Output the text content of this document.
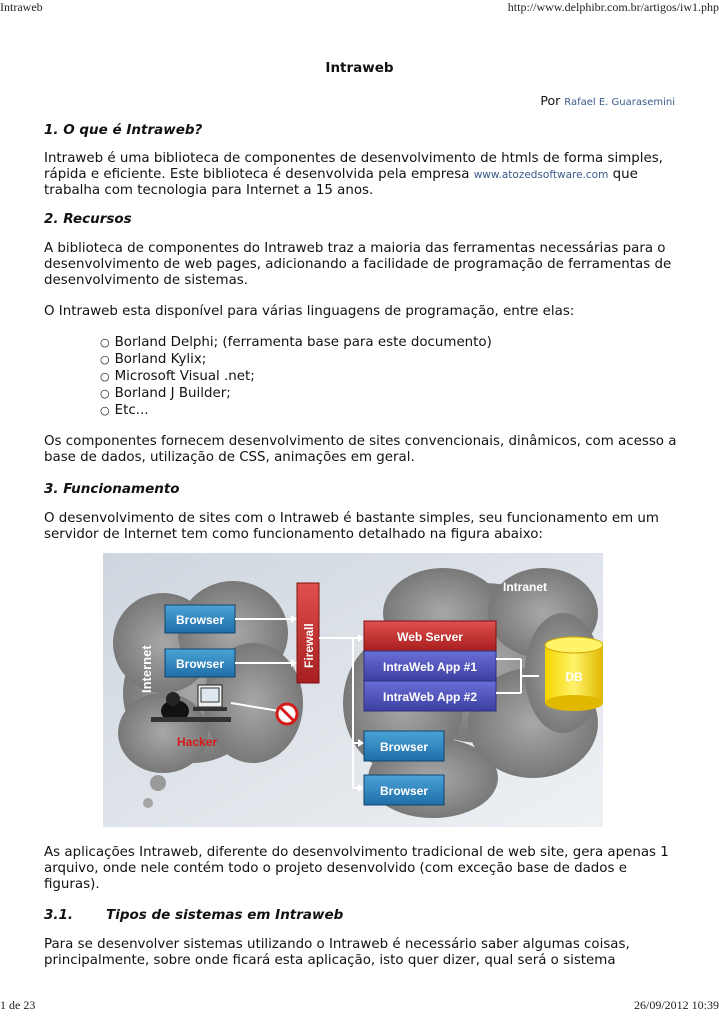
Intraweb	http://www.delphibr.com.br/artigos/iw1.php
1 de 23	26/09/2012 10:39
Intraweb
Por Rafael E. Guarasemini
1. O que é Intraweb?
Intraweb é uma biblioteca de componentes de desenvolvimento de htmls de forma simples,
rápida e eficiente. Este biblioteca é desenvolvida pela empresa www.atozedsoftware.com que
trabalha com tecnologia para Internet a 15 anos.
2. Recursos
A biblioteca de componentes do Intraweb traz a maioria das ferramentas necessárias para o
desenvolvimento de web pages, adicionando a facilidade de programação de ferramentas de
desenvolvimento de sistemas.
O Intraweb esta disponível para várias linguagens de programação, entre elas:
○ Borland Delphi; (ferramenta base para este documento)
○ Borland Kylix;
○ Microsoft Visual .net;
○ Borland J Builder;
○ Etc...
Os componentes fornecem desenvolvimento de sites convencionais, dinâmicos, com acesso a
base de dados, utilização de CSS, animações em geral.
3. Funcionamento
O desenvolvimento de sites com o Intraweb é bastante simples, seu funcionamento em um
servidor de Internet tem como funcionamento detalhado na figura abaixo:
Internet
Intranet
Firewall
Browser
Browser
Hacker
Web Server
IntraWeb App #1
IntraWeb App #2
DB
Browser
Browser
As aplicações Intraweb, diferente do desenvolvimento tradicional de web site, gera apenas 1
arquivo, onde nele contém todo o projeto desenvolvido (com exceção base de dados e
figuras).
3.1. Tipos de sistemas em Intraweb
Para se desenvolver sistemas utilizando o Intraweb é necessário saber algumas coisas,
principalmente, sobre onde ficará esta aplicação, isto quer dizer, qual será o sistema
